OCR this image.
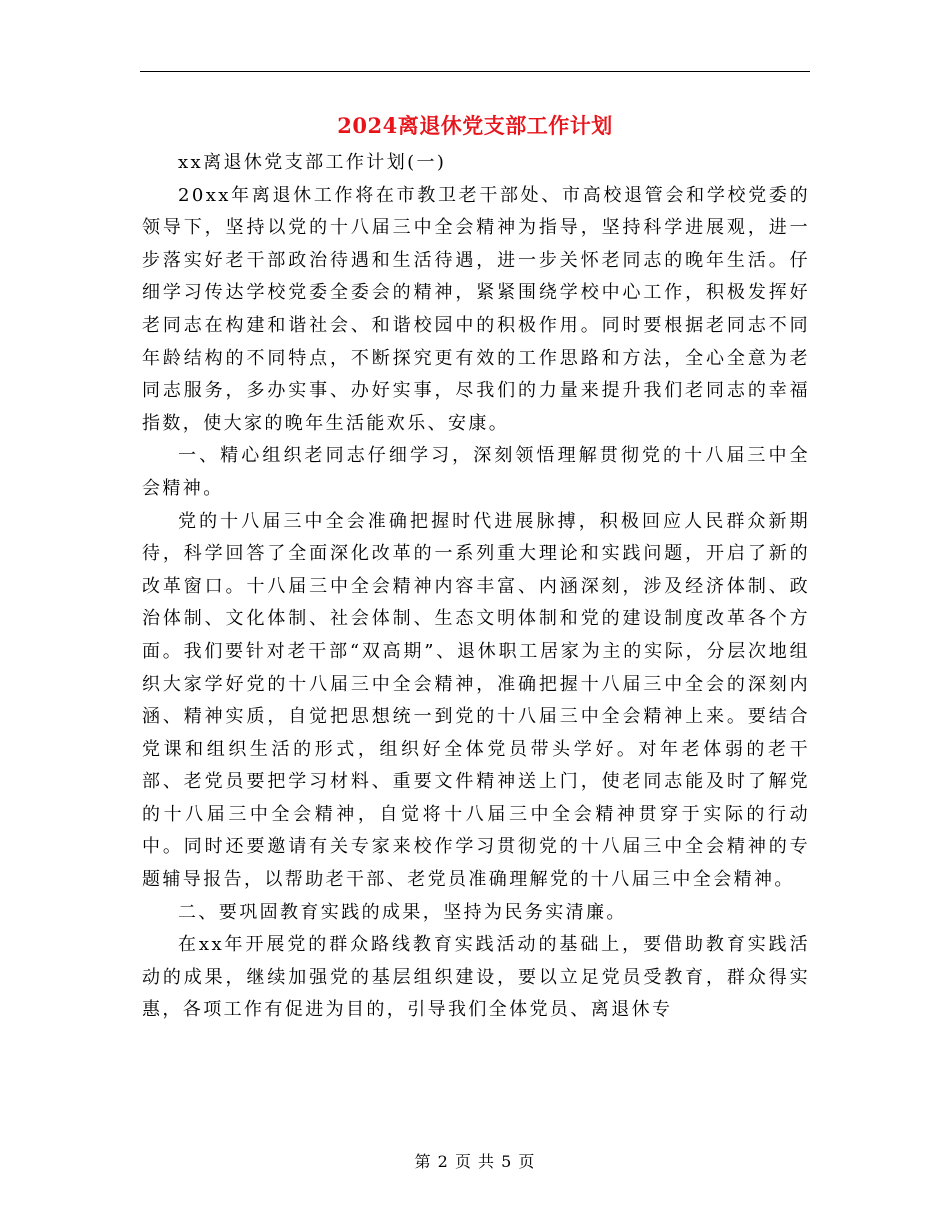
2024离退休党支部工作计划

xx离退休党支部工作计划(一)

20xx年离退休工作将在市教卫老干部处、市高校退管会和学校党委的领导下，坚持以党的十八届三中全会精神为指导，坚持科学进展观，进一步落实好老干部政治待遇和生活待遇，进一步关怀老同志的晚年生活。仔细学习传达学校党委全委会的精神，紧紧围绕学校中心工作，积极发挥好老同志在构建和谐社会、和谐校园中的积极作用。同时要根据老同志不同年龄结构的不同特点，不断探究更有效的工作思路和方法，全心全意为老同志服务，多办实事、办好实事，尽我们的力量来提升我们老同志的幸福指数，使大家的晚年生活能欢乐、安康。

一、精心组织老同志仔细学习，深刻领悟理解贯彻党的十八届三中全会精神。

党的十八届三中全会准确把握时代进展脉搏，积极回应人民群众新期待，科学回答了全面深化改革的一系列重大理论和实践问题，开启了新的改革窗口。十八届三中全会精神内容丰富、内涵深刻，涉及经济体制、政治体制、文化体制、社会体制、生态文明体制和党的建设制度改革各个方面。我们要针对老干部“双高期”、退休职工居家为主的实际，分层次地组织大家学好党的十八届三中全会精神，准确把握十八届三中全会的深刻内涵、精神实质，自觉把思想统一到党的十八届三中全会精神上来。要结合党课和组织生活的形式，组织好全体党员带头学好。对年老体弱的老干部、老党员要把学习材料、重要文件精神送上门，使老同志能及时了解党的十八届三中全会精神，自觉将十八届三中全会精神贯穿于实际的行动中。同时还要邀请有关专家来校作学习贯彻党的十八届三中全会精神的专题辅导报告，以帮助老干部、老党员准确理解党的十八届三中全会精神。

二、要巩固教育实践的成果，坚持为民务实清廉。

在xx年开展党的群众路线教育实践活动的基础上，要借助教育实践活动的成果，继续加强党的基层组织建设，要以立足党员受教育，群众得实惠，各项工作有促进为目的，引导我们全体党员、离退休专

第 2 页 共 5 页
